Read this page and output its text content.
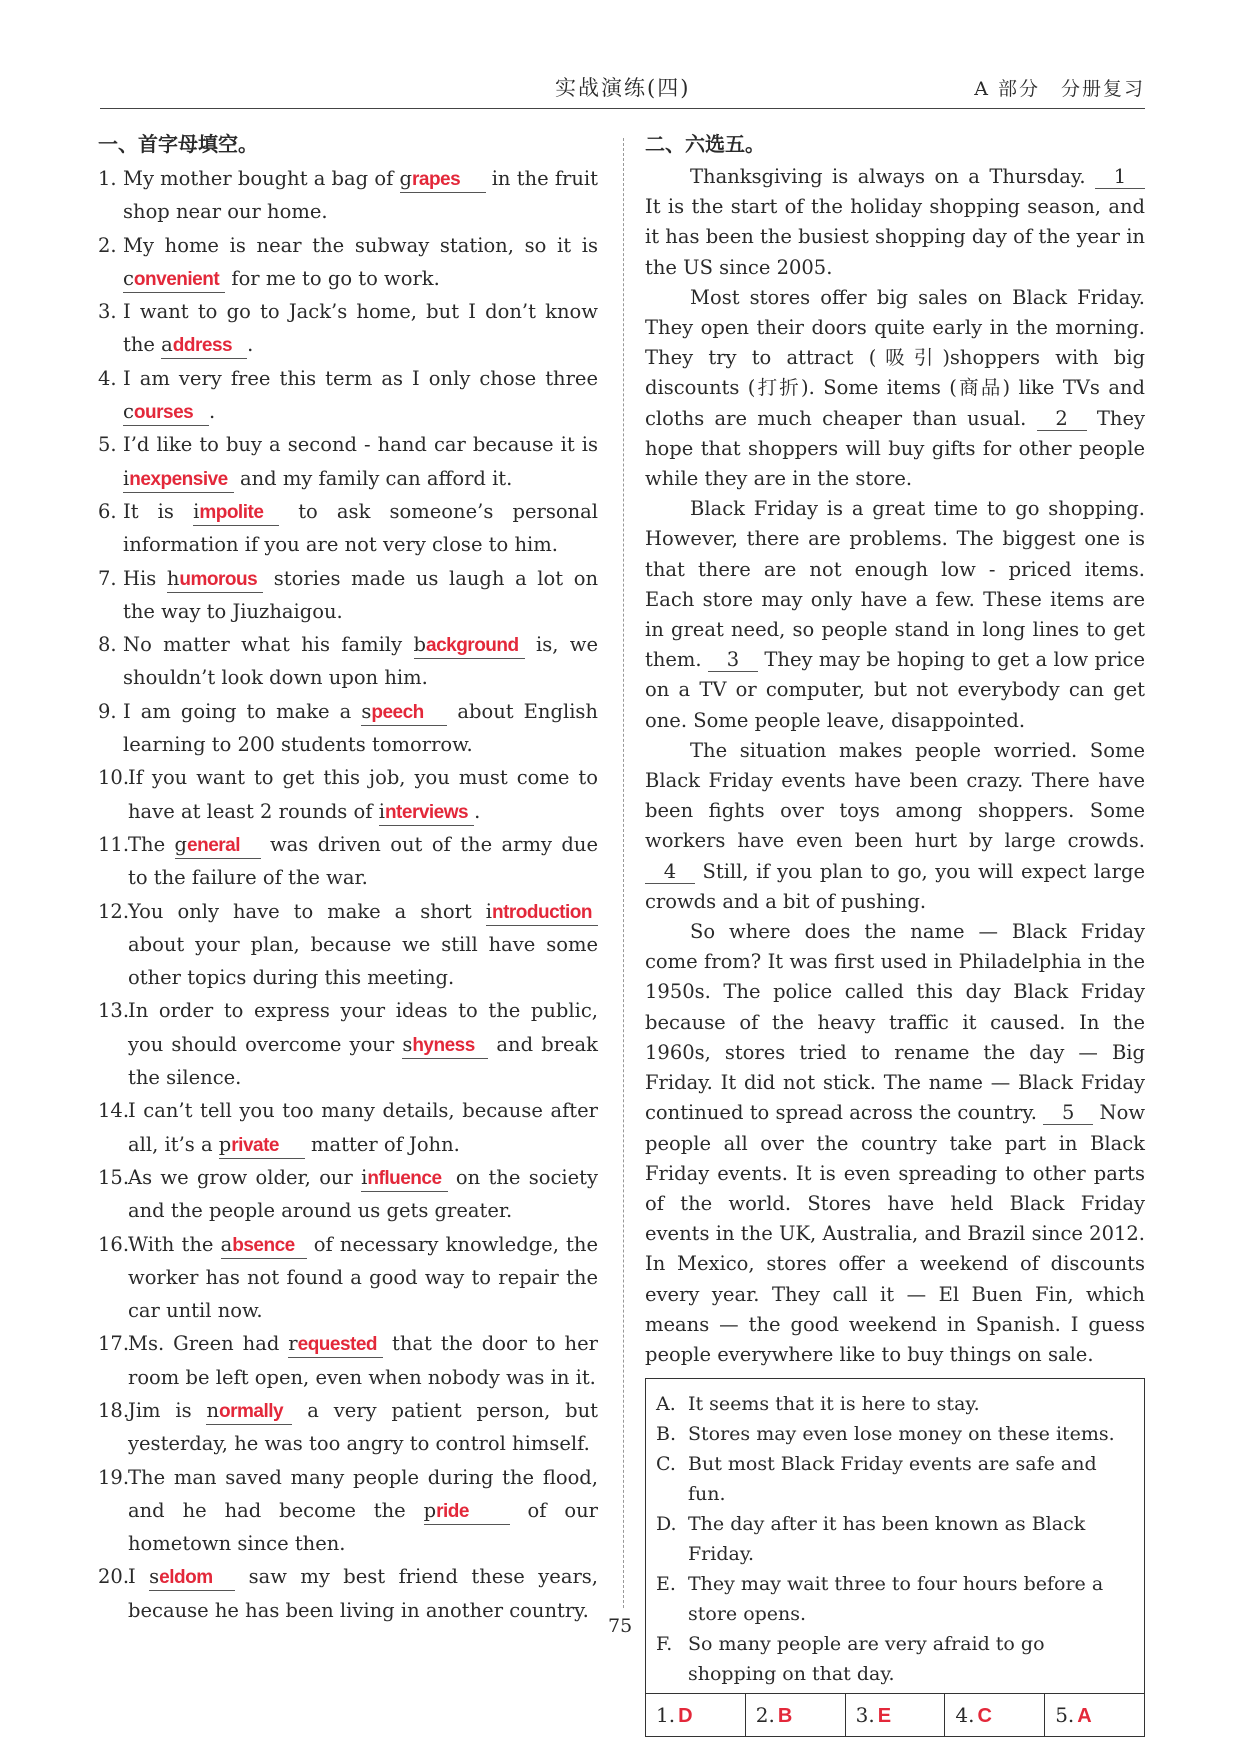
实战演练(四)	A 部分　分册复习
一、首字母填空。
1. My mother bought a bag of grapes in the fruit shop near our home.
2. My home is near the subway station, so it is convenient for me to go to work.
3. I want to go to Jack’s home, but I don’t know the address .
4. I am very free this term as I only chose three courses .
5. I’d like to buy a second - hand car because it is inexpensive and my family can afford it.
6. It is impolite to ask someone’s personal information if you are not very close to him.
7. His humorous stories made us laugh a lot on the way to Jiuzhaigou.
8. No matter what his family background is, we shouldn’t look down upon him.
9. I am going to make a speech about English learning to 200 students tomorrow.
10.
If you want to get this job, you must come to have at least 2 rounds of interviews .
11.
The general was driven out of the army due to the failure of the war.
12.
You only have to make a short introduction about your plan, because we still have some other topics during this meeting.
13.
In order to express your ideas to the public, you should overcome your shyness and break the silence.
14.
I can’t tell you too many details, because after all, it’s a private matter of John.
15.
As we grow older, our influence on the society and the people around us gets greater.
16.
With the absence of necessary knowledge, the worker has not found a good way to repair the car until now.
17.
Ms. Green had requested that the door to her room be left open, even when nobody was in it.
18.
Jim is normally a very patient person, but yesterday, he was too angry to control himself.
19.
The man saved many people during the flood, and he had become the pride of our hometown since then.
20.
I seldom saw my best friend these years, because he has been living in another country.
二、六选五。

Thanksgiving is always on a Thursday. 1 It is the start of the holiday shopping season, and it has been the busiest shopping day of the year in the US since 2005.

Most stores offer big sales on Black Friday. They open their doors quite early in the morning. They try to attract (吸引)shoppers with big discounts (打折). Some items (商品) like TVs and cloths are much cheaper than usual. 2 They hope that shoppers will buy gifts for other people while they are in the store.

Black Friday is a great time to go shopping. However, there are problems. The biggest one is that there are not enough low - priced items. Each store may only have a few. These items are in great need, so people stand in long lines to get them. 3 They may be hoping to get a low price on a TV or computer, but not everybody can get one. Some people leave, disappointed.

The situation makes people worried. Some Black Friday events have been crazy. There have been fights over toys among shoppers. Some workers have even been hurt by large crowds. 4 Still, if you plan to go, you will expect large crowds and a bit of pushing.

So where does the name — Black Friday come from? It was first used in Philadelphia in the 1950s. The police called this day Black Friday because of the heavy traffic it caused. In the 1960s, stores tried to rename the day — Big Friday. It did not stick. The name — Black Friday continued to spread across the country. 5 Now people all over the country take part in Black Friday events. It is even spreading to other parts of the world. Stores have held Black Friday events in the UK, Australia, and Brazil since 2012. In Mexico, stores offer a weekend of discounts every year. They call it — El Buen Fin, which means — the good weekend in Spanish. I guess people everywhere like to buy things on sale.

A. It seems that it is here to stay.
B. Stores may even lose money on these items.
C. But most Black Friday events are safe and fun.
D. The day after it has been known as Black Friday.
E. They may wait three to four hours before a store opens.
F. So many people are very afraid to go shopping on that day.
1. D	2. B	3. E	4. C	5. A
75
